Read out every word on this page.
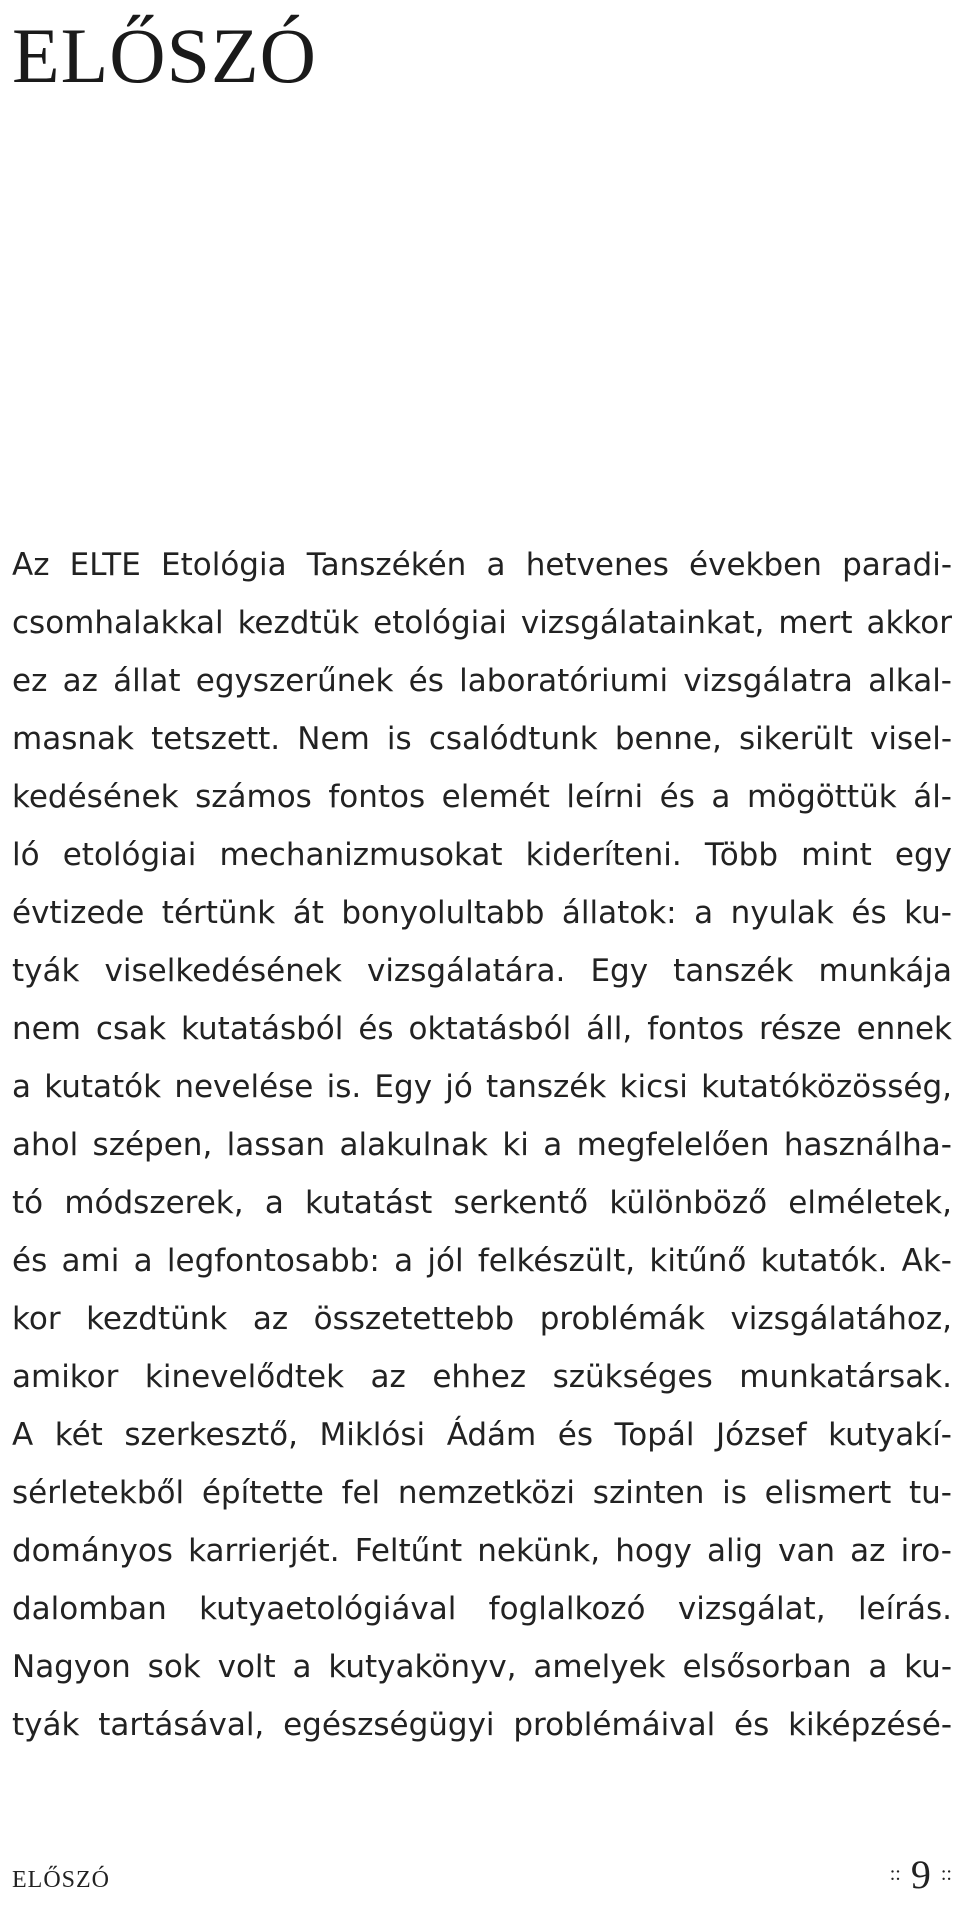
ELŐSZÓ
Az ELTE Etológia Tanszékén a hetvenes években paradi-
csomhalakkal kezdtük etológiai vizsgálatainkat, mert akkor
ez az állat egyszerűnek és laboratóriumi vizsgálatra alkal-
masnak tetszett. Nem is csalódtunk benne, sikerült visel-
kedésének számos fontos elemét leírni és a mögöttük ál-
ló etológiai mechanizmusokat kideríteni. Több mint egy
évtizede tértünk át bonyolultabb állatok: a nyulak és ku-
tyák viselkedésének vizsgálatára. Egy tanszék munkája
nem csak kutatásból és oktatásból áll, fontos része ennek
a kutatók nevelése is. Egy jó tanszék kicsi kutatóközösség,
ahol szépen, lassan alakulnak ki a megfelelően használha-
tó módszerek, a kutatást serkentő különböző elméletek,
és ami a legfontosabb: a jól felkészült, kitűnő kutatók. Ak-
kor kezdtünk az összetettebb problémák vizsgálatához,
amikor kinevelődtek az ehhez szükséges munkatársak.
A két szerkesztő, Miklósi Ádám és Topál József kutyakí-
sérletekből építette fel nemzetközi szinten is elismert tu-
dományos karrierjét. Feltűnt nekünk, hogy alig van az iro-
dalomban kutyaetológiával foglalkozó vizsgálat, leírás.
Nagyon sok volt a kutyakönyv, amelyek elsősorban a ku-
tyák tartásával, egészségügyi problémáival és kiképzésé-
ELŐSZÓ	:: 9 ::
